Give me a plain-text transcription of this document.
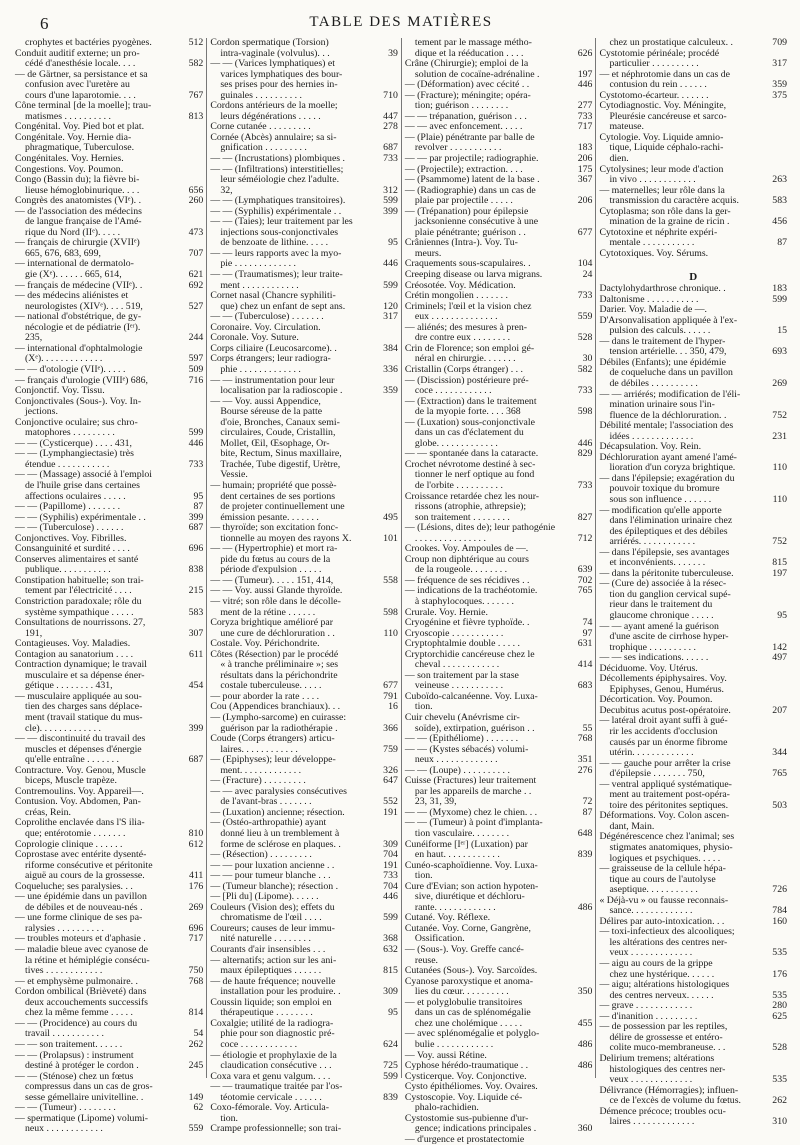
6	TABLE DES MATIÈRES
crophytes et bactéries pyogènes.	512
Conduit auditif externe; un pro-
cédé d'anesthésie locale. . . .	582
— de Gärtner, sa persistance et sa
confusion avec l'uretère au
cours d'une laparotomie. . . .	767
Cône terminal [de la moelle]; trau-
matismes . . . . . . . . . .	813
Congénital. Voy. Pied bot et plat.
Congénitale. Voy. Hernie dia-
phragmatique, Tuberculose.
Congénitales. Voy. Hernies.
Congestions. Voy. Poumon.
Congo (Bassin du); la fièvre bi-
lieuse hémoglobinurique. . . .	656
Congrès des anatomistes (VIᵉ). .	260
— de l'association des médecins
de langue française de l'Amé-
rique du Nord (IIᵉ). . . . .	473
— français de chirurgie (XVIIᵉ)
665, 676, 683, 699,	707
— international de dermatolo-
gie (Xᵉ). . . . . . 665, 614,	621
— français de médecine (VIIᵉ). .	692
— des médecins aliénistes et
neurologistes (XIVᵉ). . . . 519,	527
— national d'obstétrique, de gy-
nécologie et de pédiatrie (Iᵉʳ).
235,	244
— international d'ophtalmologie
(Xᵉ). . . . . . . . . . . . .	597
— — d'otologie (VIIᵉ). . . . .	509
— français d'urologie (VIIIᵉ) 686,	716
Conjonctif. Voy. Tissu.
Conjonctivales (Sous-). Voy. In-
jections.
Conjonctive oculaire; sus chro-
matophores . . . . . . . . .	599
— — (Cysticerque) . . . . 431,	446
— — (Lymphangiectasie) très
étendue . . . . . . . . . . .	733
— — (Massage) associé à l'emploi
de l'huile grise dans certaines
affections oculaires . . . . .	95
— — (Papillome) . . . . . . .	87
— — (Syphilis) expérimentale . .	399
— — (Tuberculose) . . . . . .	687
Conjonctives. Voy. Fibrilles.
Consanguinité et surdité . . . .	696
Conserves alimentaires et santé
publique. . . . . . . . . . .	838
Constipation habituelle; son trai-
tement par l'électricité . . . .	215
Constriction paradoxale; rôle du
système sympathique . . . . .	583
Consultations de nourrissons. 27,
191,	307
Contagieuses. Voy. Maladies.
Contagion au sanatorium . . . .	611
Contraction dynamique; le travail
musculaire et sa dépense éner-
gétique . . . . . . . . 431,	454
— musculaire appliquée au sou-
tien des charges sans déplace-
ment (travail statique du mus-
cle). . . . . . . . . . . . .	399
— — discontinuité du travail des
muscles et dépenses d'énergie
qu'elle entraîne . . . . . . .	687
Contracture. Voy. Genou, Muscle
biceps, Muscle trapèze.
Contremoulins. Voy. Appareil—.
Contusion. Voy. Abdomen, Pan-
créas, Rein.
Coprolithe enclavée dans l'S ilia-
que; entérotomie . . . . . . .	810
Coprologie clinique . . . . . .	612
Coprostase avec entérite dysenté-
riforme consécutive et péritonite
aiguë au cours de la grossesse.	411
Coqueluche; ses paralysies. . .	176
— une épidémie dans un pavillon
de débiles et de nouveau-nés .	269
— une forme clinique de ses pa-
ralysies . . . . . . . . . .	696
— troubles moteurs et d'aphasie .	717
— maladie bleue avec cyanose de
la rétine et hémiplégie consécu-
tives . . . . . . . . . . . .	750
— et emphysème pulmonaire. .	768
Cordon ombilical (Brièveté) dans
deux accouchements successifs
chez la même femme . . . . .	814
— — (Procidence) au cours du
travail . . . . . . . . . . .	54
— — son traitement. . . . . .	262
— — (Prolapsus) : instrument
destiné à protéger le cordon .	245
— — (Sténose) chez un fœtus
compressus dans un cas de gros-
sesse gémellaire univitelline. .	149
— — (Tumeur) . . . . . . . .	62
— spermatique (Lipome) volumi-
neux . . . . . . . . . . . .	559
Cordon spermatique (Torsion)
intra-vaginale (volvulus). . .	39
— — (Varices lymphatiques) et
varices lymphatiques des bour-
ses prises pour des hernies in-
guinales . . . . . . . . . .	710
Cordons antérieurs de la moelle;
leurs dégénérations . . . . .	447
Corne cutanée . . . . . . . . .	278
Cornée (Abcès) annulaire; sa si-
gnification . . . . . . . . .	687
— — (Incrustations) plombiques .	733
— — (Infiltrations) interstitielles;
leur séméiologie chez l'adulte.
32,	312
— — (Lymphatiques transitoires).	599
— — (Syphilis) expérimentale . .	399
— — (Taies); leur traitement par les
injections sous-conjonctivales
de benzoate de lithine. . . . .	95
— — leurs rapports avec la myo-
pie . . . . . . . . . . . . .	446
— — (Traumatismes); leur traite-
ment . . . . . . . . . . . .	599
Cornet nasal (Chancre syphiliti-
que) chez un enfant de sept ans.	120
— — (Tuberculose) . . . . . . .	317
Coronaire. Voy. Circulation.
Coronale. Voy. Suture.
Corps ciliaire (Leucosarcome). .	384
Corps étrangers; leur radiogra-
phie . . . . . . . . . . . . .	336
— — instrumentation pour leur
localisation par la radioscopie .	359
— — Voy. aussi Appendice,
Bourse séreuse de la patte
d'oie, Bronches, Canaux semi-
circulaires, Coude, Cristallin,
Mollet, Œil, Œsophage, Or-
bite, Rectum, Sinus maxillaire,
Trachée, Tube digestif, Urètre,
Vessie.
— humain; propriété que possè-
dent certaines de ses portions
de projeter continuellement une
émission pesante. . . . . . .	495
— thyroïde; son excitation fonc-
tionnelle au moyen des rayons X.	101
— — (Hypertrophie) et mort ra-
pide du fœtus au cours de la
période d'expulsion . . . . .
— — (Tumeur). . . . . 151, 414,	558
— — Voy. aussi Glande thyroïde.
— vitré; son rôle dans le décolle-
ment de la rétine . . . . . .	598
Coryza brightique amélioré par
une cure de déchloruration . .	110
Costale. Voy. Périchondrite.
Côtes (Résection) par le procédé
« à tranche préliminaire »; ses
résultats dans la périchondrite
costale tuberculeuse. . . . .	677
— pour aborder la rate . . . .	791
Cou (Appendices branchiaux). . .	16
— (Lympho-sarcome) en cuirasse:
guérison par la radiothérapie .	366
Coude (Corps étrangers) articu-
laires. . . . . . . . . . . .	759
— (Epiphyses); leur développe-
ment. . . . . . . . . . . . .	326
— (Fracture) . . . . . . . . .	647
— — avec paralysies consécutives
de l'avant-bras . . . . . . .	552
— (Luxation) ancienne; résection.	191
— (Ostéo-arthropathie) ayant
donné lieu à un tremblement à
forme de sclérose en plaques. .	309
— (Résection) . . . . . . . . .	704
— — pour luxation ancienne . .	191
— — pour tumeur blanche . . .	733
— (Tumeur blanche); résection .	704
— [Pli du] (Lipome). . . . . .	446
Couleurs (Vision des); effets du
chromatisme de l'œil . . . .	599
Coureurs; causes de leur immu-
nité naturelle . . . . . . . .	368
Courants d'air insensibles . . .	632
— alternatifs; action sur les ani-
maux épileptiques . . . . . .	815
— de haute fréquence; nouvelle
installation pour les produire. .	309
Coussin liquide; son emploi en
thérapeutique . . . . . . . .	95
Coxalgie; utilité de la radiogra-
phie pour son diagnostic pré-
coce . . . . . . . . . . . .	624
— étiologie et prophylaxie de la
claudication consécutive . . .	725
Coxa vara et genu valgum. . . .	599
— — traumatique traitée par l'os-
téotomie cervicale . . . . . .	839
Coxo-fémorale. Voy. Articula-
tion.
Crampe professionnelle; son trai-
tement par le massage métho-
dique et la rééducation . . . .	626
Crâne (Chirurgie); emploi de la
solution de cocaïne-adrénaline .	197
— (Déformation) avec cécité . .	446
— (Fracture); méningite; opéra-
tion; guérison . . . . . . . .	277
— — trépanation, guérison . . .	733
— — avec enfoncement. . . . .	717
— (Plaie) pénétrante par balle de
revolver . . . . . . . . . . .	183
— — par projectile; radiographie.	206
— (Projectile); extraction. . . .	175
— (Psammome) latent de la base .	367
— (Radiographie) dans un cas de
plaie par projectile . . . . .	206
— (Trépanation) pour épilepsie
jacksonienne consécutive à une
plaie pénétrante; guérison . .	677
Crâniennes (Intra-). Voy. Tu-
meurs.
Craquements sous-scapulaires. .	104
Creeping disease ou larva migrans.	24
Créosotée. Voy. Médication.
Crétin mongolien . . . . . . .	733
Criminels; l'œil et la vision chez
eux . . . . . . . . . . . . . .	559
— aliénés; des mesures à pren-
dre contre eux . . . . . . . .	528
Crin de Florence; son emploi gé-
néral en chirurgie. . . . . . .	30
Cristallin (Corps étranger) . . .	582
— (Discission) postérieure pré-
coce . . . . . . . . . . . .	733
— (Extraction) dans le traitement
de la myopie forte. . . . 368	598
— (Luxation) sous-conjonctivale
dans un cas d'éclatement du
globe. . . . . . . . . . . . .	446
— — spontanée dans la cataracte.	829
Crochet névrotome destiné à sec-
tionner le nerf optique au fond
de l'orbite . . . . . . . . . .	733
Croissance retardée chez les nour-
rissons (atrophie, athrepsie);
son traitement . . . . . . . .	827
— (Lésions, dites de); leur pathogénie
. . . . . . . . . . . . . . .	712
Crookes. Voy. Ampoules de —.
Croup non diphtérique au cours
de la rougeole. . . . . . . .	639
— fréquence de ses récidives . .	702
— indications de la trachéotomie.	765
à staphylocoques. . . . . . .
Crurale. Voy. Hernie.
Cryogénine et fièvre typhoïde. .	74
Cryoscopie . . . . . . . . . . .	97
Cryptophtalmie double . . . . .	631
Cryptorchidie cancéreuse chez le
cheval . . . . . . . . . . . .	414
— son traitement par la stase
veineuse . . . . . . . . . . .	683
Cuboïdo-calcanéenne. Voy. Luxa-
tion.
Cuir chevelu (Anévrisme cir-
soïde), extirpation, guérison . .	55
— — (Epithéliome) . . . . . . .	768
— — (Kystes sébacés) volumi-
neux . . . . . . . . . . . . .	351
— — (Loupe) . . . . . . . . . .	276
Cuisse (Fractures) leur traitement
par les appareils de marche . .
23, 31, 39,	72
— — (Myxome) chez le chien. . .	87
— — (Tumeur) à point d'implanta-
tion vasculaire. . . . . . . .	648
Cunéiforme [Iᵉʳ] (Luxation) par
en haut. . . . . . . . . . . .	839
Cunéo-scaphoïdienne. Voy. Luxa-
tion.
Cure d'Evian; son action hypoten-
sive, diurétique et déchloru-
rante. . . . . . . . . . . . .	486
Cutané. Voy. Réflexe.
Cutanée. Voy. Corne, Gangrène,
Ossification.
— (Sous-). Voy. Greffe cancé-
reuse.
Cutanées (Sous-). Voy. Sarcoïdes.
Cyanose paroxystique et anoma-
lies du cœur. . . . . . . . . .	350
— et polyglobulie transitoires
dans un cas de splénomégalie
chez une cholémique . . . . .	455
— avec splénomégalie et polyglo-
bulie . . . . . . . . . . . .	486
— Voy. aussi Rétine.
Cyphose hérédo-traumatique . .	486
Cysticerque. Voy. Conjonctive.
Cysto épithéliomes. Voy. Ovaires.
Cystoscopie. Voy. Liquide cé-
phalo-rachidien.
Cystostomie sus-pubienne d'ur-
gence; indications principales .	360
— d'urgence et prostatectomie
chez un prostatique calculeux. .	709
Cystotomie périnéale; procédé
particulier . . . . . . . . . .	317
— et néphrotomie dans un cas de
contusion du rein . . . . . .	359
Cystotomo-écarteur. . . . . . .	375
Cytodiagnostic. Voy. Méningite,
Pleurésie cancéreuse et sarco-
mateuse.
Cytologie. Voy. Liquide amnio-
tique, Liquide céphalo-rachi-
dien.
Cytolysines; leur mode d'action
in vivo . . . . . . . . . . . .	263
— maternelles; leur rôle dans la
transmission du caractère acquis.	583
Cytoplasma; son rôle dans la ger-
mination de la graine de ricin .	456
Cytotoxine et néphrite expéri-
mentale . . . . . . . . . . .	87
Cytotoxiques. Voy. Sérums.
D
Dactylohydarthrose chronique. .	183
Daltonisme . . . . . . . . . . .	599
Darier. Voy. Maladie de —.
D'Arsonvalisation appliquée à l'ex-
pulsion des calculs. . . . . .	15
— dans le traitement de l'hyper-
tension artérielle. . . 350, 479,	693
Débiles (Enfants); une épidémie
de coqueluche dans un pavillon
de débiles . . . . . . . . . .	269
— — arriérés; modification de l'éli-
mination urinaire sous l'in-
fluence de la déchloruration. .	752
Débilité mentale; l'association des
idées . . . . . . . . . . . . .	231
Décapsulation. Voy. Rein.
Déchloruration ayant amené l'amé-
lioration d'un coryza brightique.	110
— dans l'épilepsie; exagération du
pouvoir toxique du bromure
sous son influence . . . . . .	110
— modification qu'elle apporte
dans l'élimination urinaire chez
des épileptiques et des débiles
arriérés. . . . . . . . . . . .	752
— dans l'épilepsie, ses avantages
et inconvénients. . . . . . .	815
— dans la péritonite tuberculeuse.	197
— (Cure de) associée à la résec-
tion du ganglion cervical supé-
rieur dans le traitement du
glaucome chronique . . . . .	95
— — ayant amené la guérison
d'une ascite de cirrhose hyper-
trophique . . . . . . . . . .	142
— — ses indications. . . . . .	497
Déciduome. Voy. Utérus.
Décollements épiphysaires. Voy.
Epiphyses, Genou, Humérus.
Décortication. Voy. Poumon.
Decubitus acutus post-opératoire.	207
— latéral droit ayant suffi à gué-
rir les accidents d'occlusion
causés par un énorme fibrome
utérin. . . . . . . . . . . . .	344
— — gauche pour arrêter la crise
d'épilepsie . . . . . . . 750,	765
— ventral appliqué systématique-
ment au traitement post-opéra-
toire des péritonites septiques.	503
Déformations. Voy. Colon ascen-
dant, Main.
Dégénérescence chez l'animal; ses
stigmates anatomiques, physio-
logiques et psychiques. . . . .
— graisseuse de la cellule hépa-
tique au cours de l'autolyse
aseptique. . . . . . . . . . .	726
« Déjà-vu » ou fausse reconnais-
sance. . . . . . . . . . . . .	784
Délires par auto-intoxication. . .	160
— toxi-infectieux des alcooliques;
les altérations des centres ner-
veux . . . . . . . . . . . . .	535
— aigu au cours de la grippe
chez une hystérique. . . . . .	176
— aigu; altérations histologiques
des centres nerveux. . . . . .	535
— grave . . . . . . . . . . . .	280
— d'inanition . . . . . . . . .	625
— de possession par les reptiles,
délire de grossesse et entéro-
colite muco-membraneuse. . .	528
Delirium tremens; altérations
histologiques des centres ner-
veux . . . . . . . . . . . . .	535
Délivrance (Hémorragies); influen-
ce de l'excès de volume du fœtus.	262
Démence précoce; troubles ocu-
laires . . . . . . . . . . . . .	310
